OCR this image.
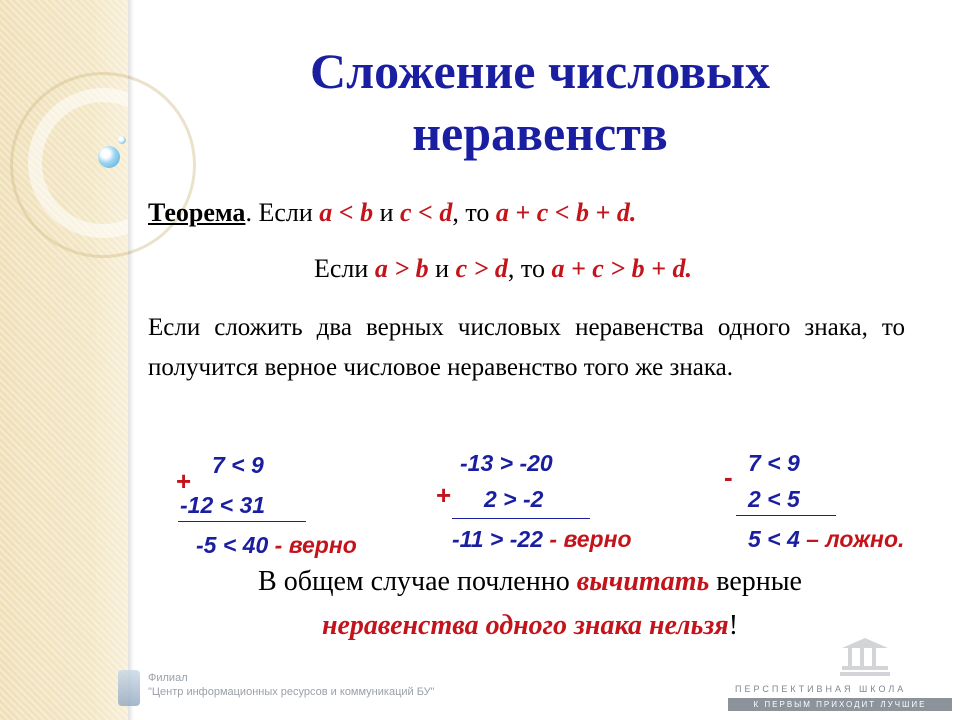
Сложение числовых
неравенств
Теорема. Если a < b и c < d, то a + c < b + d.
Если a > b и c > d, то a + c > b + d.
Если сложить два верных числовых неравенства одного знака, то получится верное числовое неравенство того же знака.
+
7 < 9
-12 < 31
-5 < 40 - верно
-13 > -20
+ 2 > -2
-11 > -22 - верно
- 7 < 9
2 < 5
5 < 4 – ложно.
В общем случае почленно вычитать верные
неравенства одного знака нельзя!
Филиал
"Центр информационных ресурсов и коммуникаций БУ"	ПЕРСПЕКТИВНАЯ ШКОЛА
К ПЕРВЫМ ПРИХОДИТ ЛУЧШИЕ
